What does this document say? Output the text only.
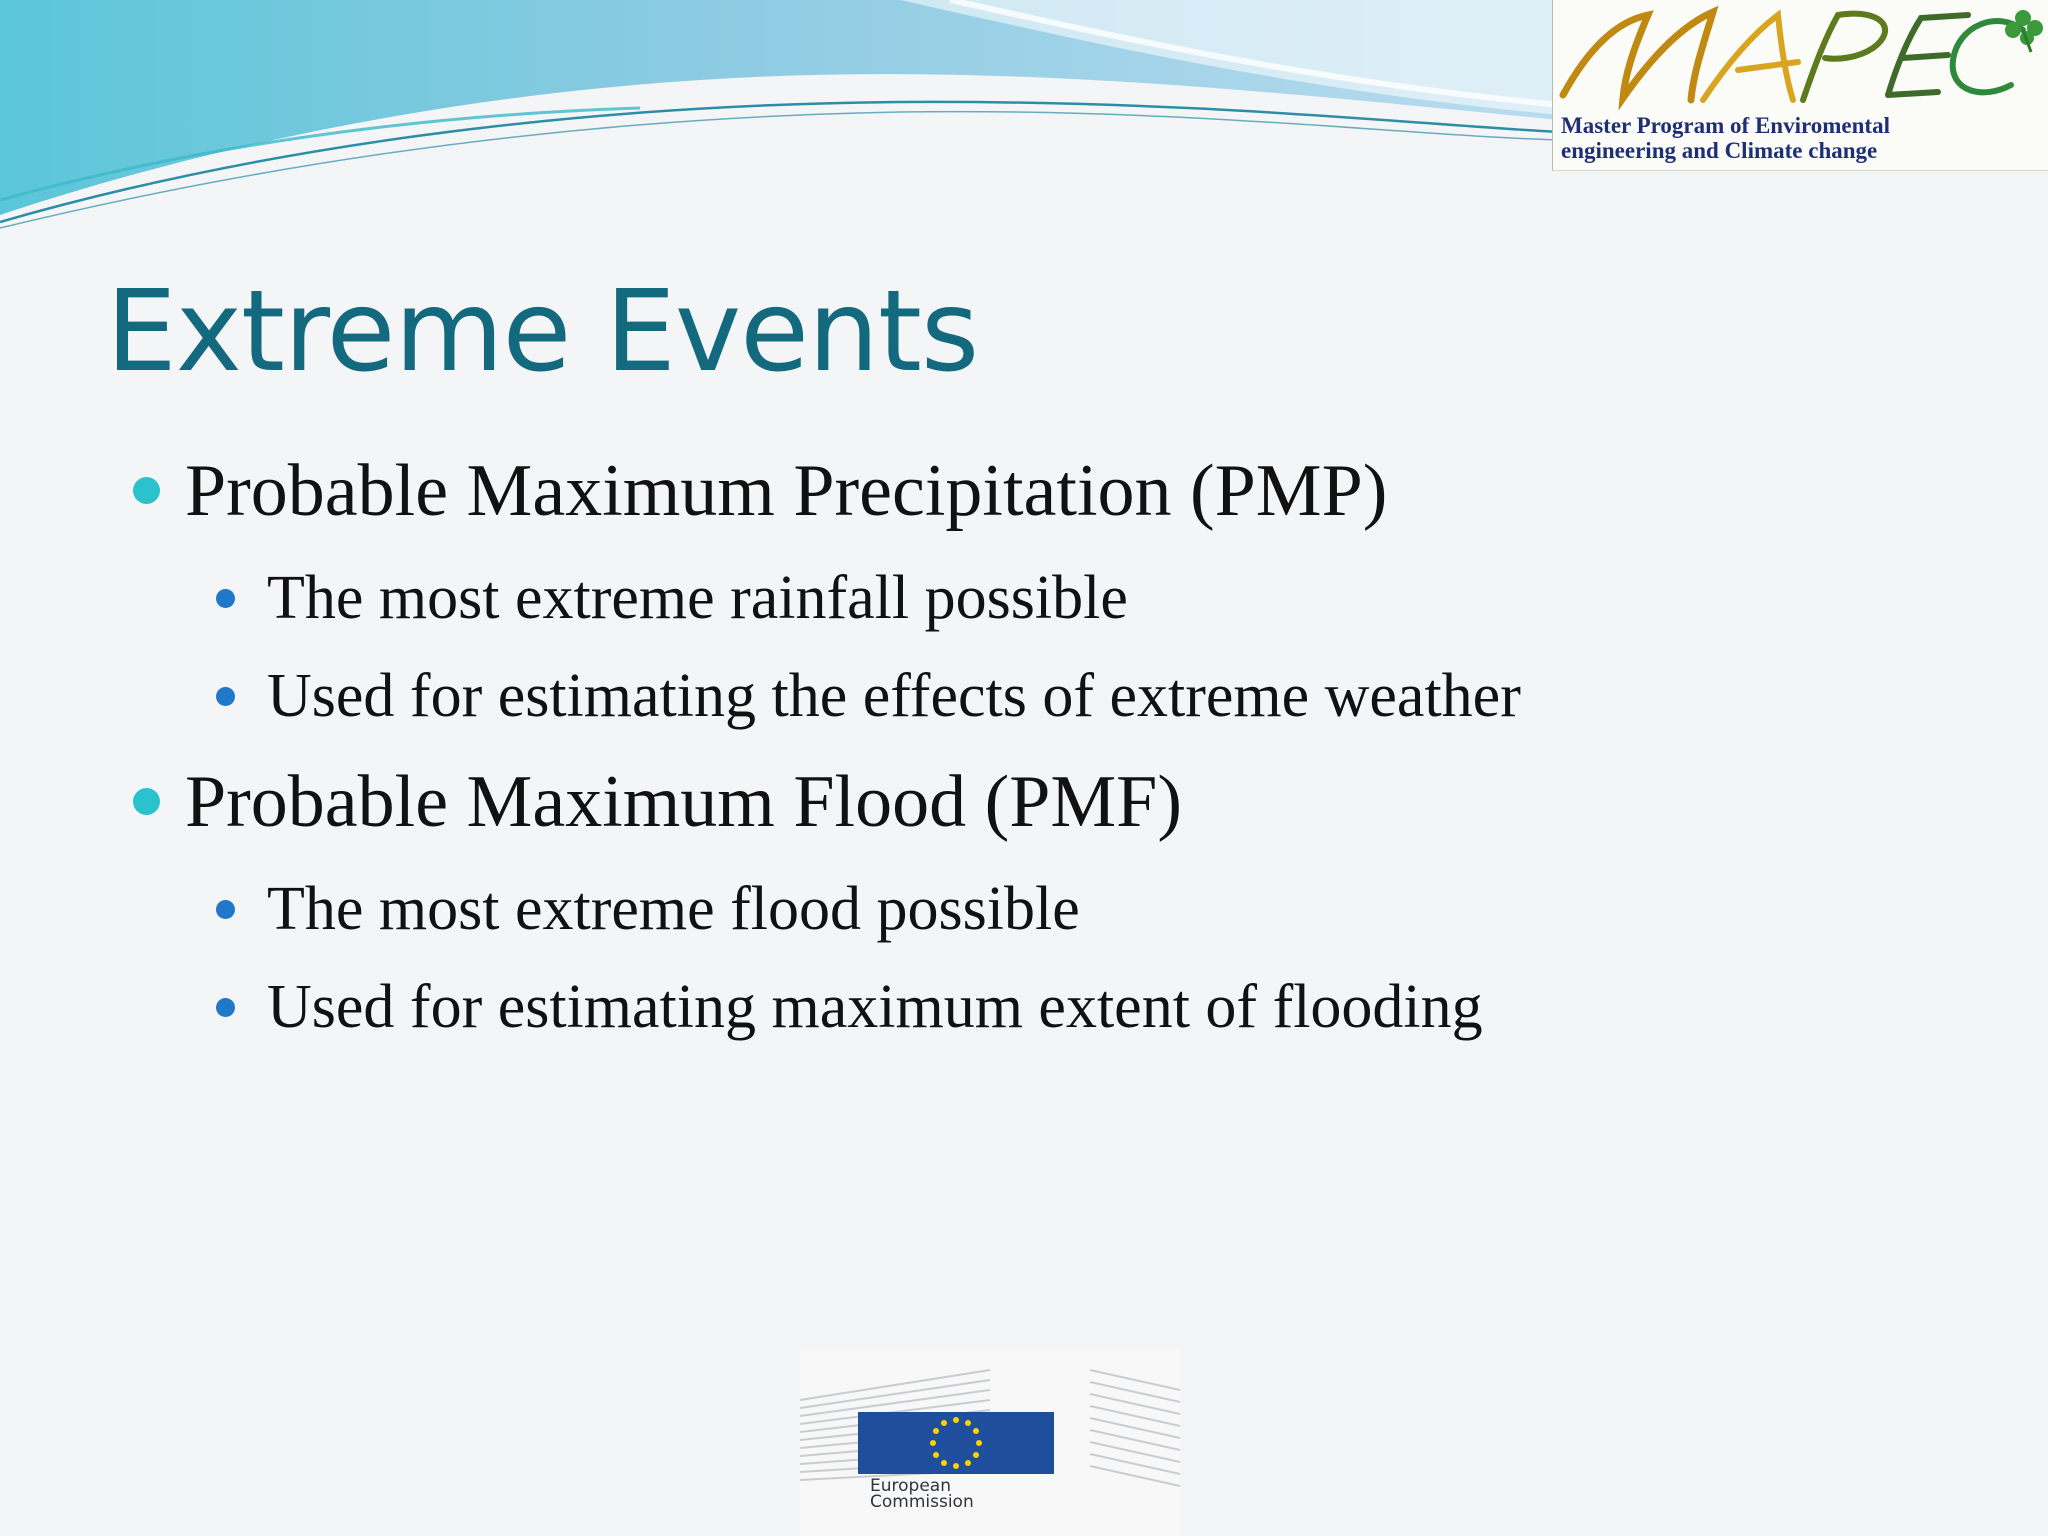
Master Program of Enviromental
engineering and Climate change
Extreme Events
Probable Maximum Precipitation (PMP)
The most extreme rainfall possible
Used for estimating the effects of extreme weather
Probable Maximum Flood (PMF)
The most extreme flood possible
Used for estimating maximum extent of flooding
European
Commission
